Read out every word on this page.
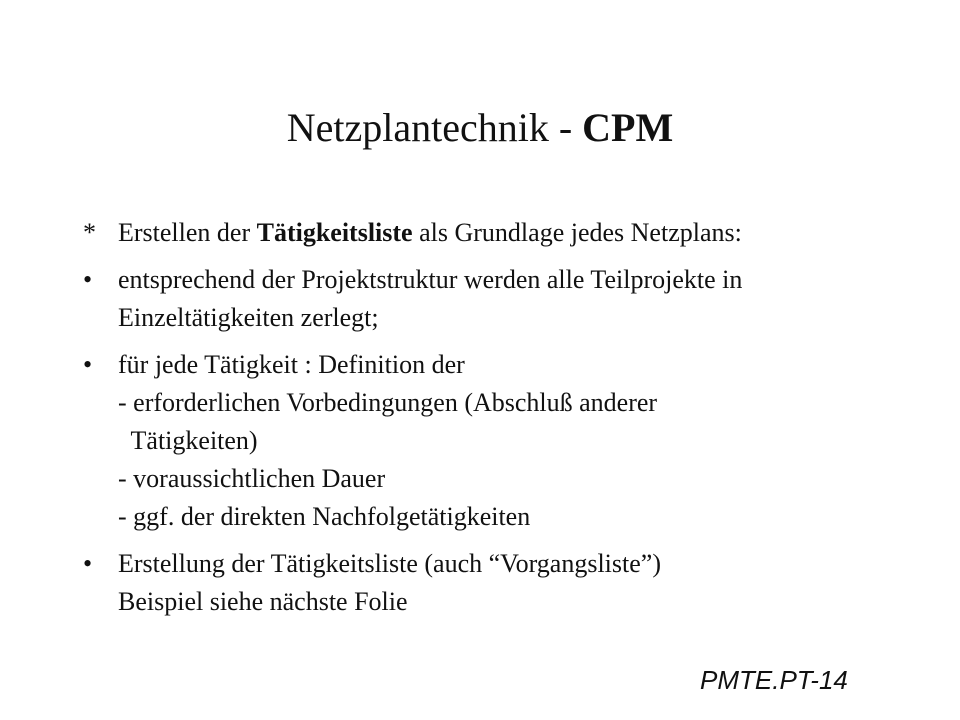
Netzplantechnik - CPM
* Erstellen der Tätigkeitsliste als Grundlage jedes Netzplans:
• entsprechend der Projektstruktur werden alle Teilprojekte in
Einzeltätigkeiten zerlegt;
• für jede Tätigkeit : Definition der
- erforderlichen Vorbedingungen (Abschluß anderer
Tätigkeiten)
- voraussichtlichen Dauer
- ggf. der direkten Nachfolgetätigkeiten
• Erstellung der Tätigkeitsliste (auch “Vorgangsliste”)
Beispiel siehe nächste Folie
PMTE.PT-14
